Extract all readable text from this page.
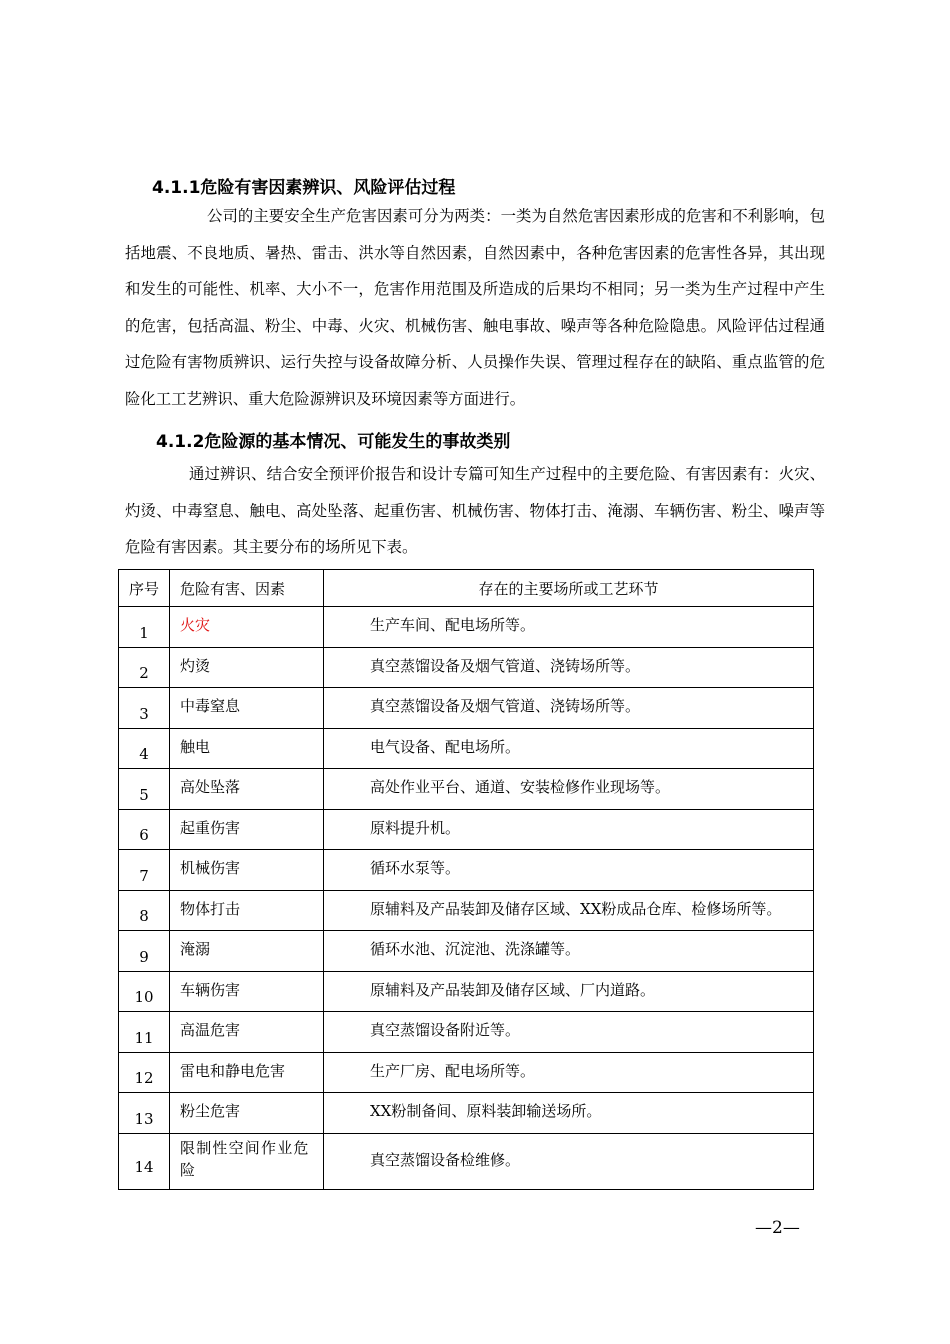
4.1.1危险有害因素辨识、风险评估过程

公司的主要安全生产危害因素可分为两类：一类为自然危害因素形成的危害和不利影响，包括地震、不良地质、暑热、雷击、洪水等自然因素，自然因素中，各种危害因素的危害性各异，其出现和发生的可能性、机率、大小不一，危害作用范围及所造成的后果均不相同；另一类为生产过程中产生的危害，包括高温、粉尘、中毒、火灾、机械伤害、触电事故、噪声等各种危险隐患。风险评估过程通过危险有害物质辨识、运行失控与设备故障分析、人员操作失误、管理过程存在的缺陷、重点监管的危险化工工艺辨识、重大危险源辨识及环境因素等方面进行。

4.1.2危险源的基本情况、可能发生的事故类别

通过辨识、结合安全预评价报告和设计专篇可知生产过程中的主要危险、有害因素有：火灾、灼烫、中毒窒息、触电、高处坠落、起重伤害、机械伤害、物体打击、淹溺、车辆伤害、粉尘、噪声等危险有害因素。其主要分布的场所见下表。

序号	危险有害、因素	存在的主要场所或工艺环节
1	火灾	生产车间、配电场所等。
2	灼烫	真空蒸馏设备及烟气管道、浇铸场所等。
3	中毒窒息	真空蒸馏设备及烟气管道、浇铸场所等。
4	触电	电气设备、配电场所。
5	高处坠落	高处作业平台、通道、安装检修作业现场等。
6	起重伤害	原料提升机。
7	机械伤害	循环水泵等。
8	物体打击	原辅料及产品装卸及储存区域、XX粉成品仓库、检修场所等。
9	淹溺	循环水池、沉淀池、洗涤罐等。
10	车辆伤害	原辅料及产品装卸及储存区域、厂内道路。
11	高温危害	真空蒸馏设备附近等。
12	雷电和静电危害	生产厂房、配电场所等。
13	粉尘危害	XX粉制备间、原料装卸输送场所。
14	限制性空间作业危险	真空蒸馏设备检维修。
—2—
